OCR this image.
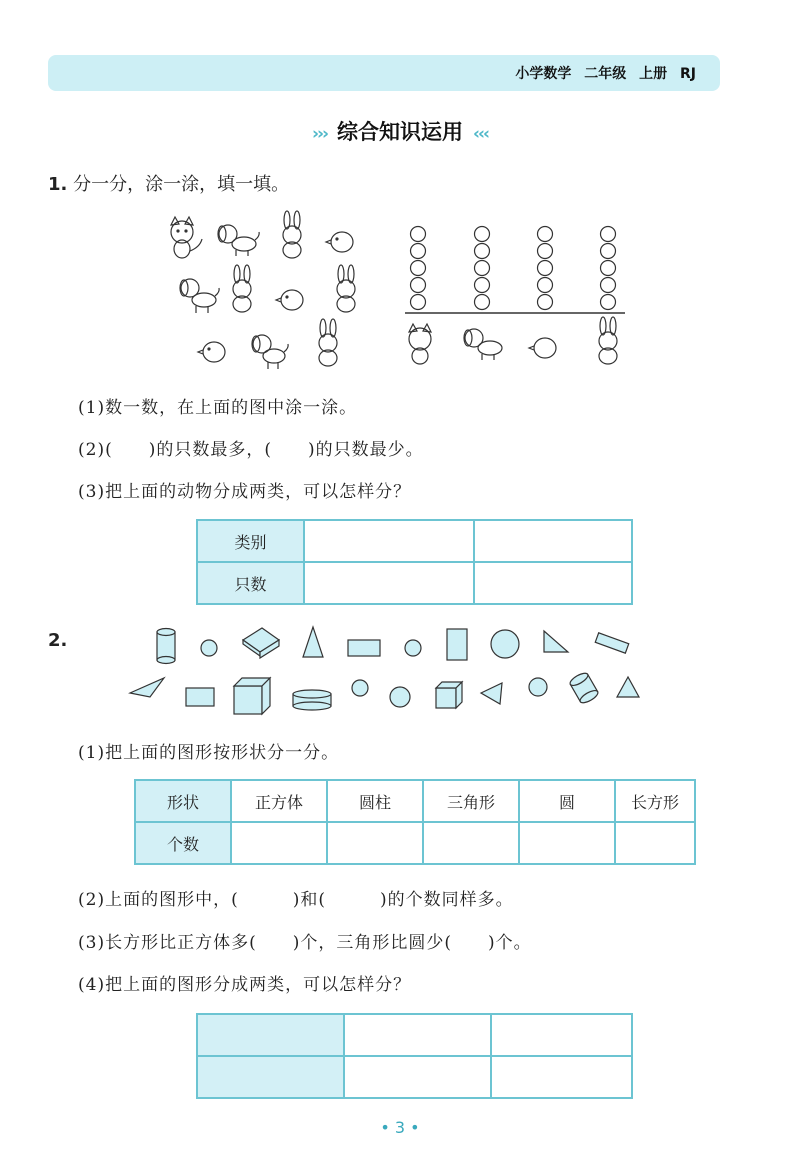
小学数学 二年级 上册 RJ
››› 综合知识运用 ‹‹‹
1. 分一分，涂一涂，填一填。
(1)数一数，在上面的图中涂一涂。
(2)(　　)的只数最多，(　　)的只数最少。
(3)把上面的动物分成两类，可以怎样分？
类别		
只数		
2.
(1)把上面的图形按形状分一分。
形状	正方体	圆柱	三角形	圆	长方形
个数					
(2)上面的图形中，(　　　)和(　　　)的个数同样多。
(3)长方形比正方体多(　　)个，三角形比圆少(　　)个。
(4)把上面的图形分成两类，可以怎样分？

• 3 •
